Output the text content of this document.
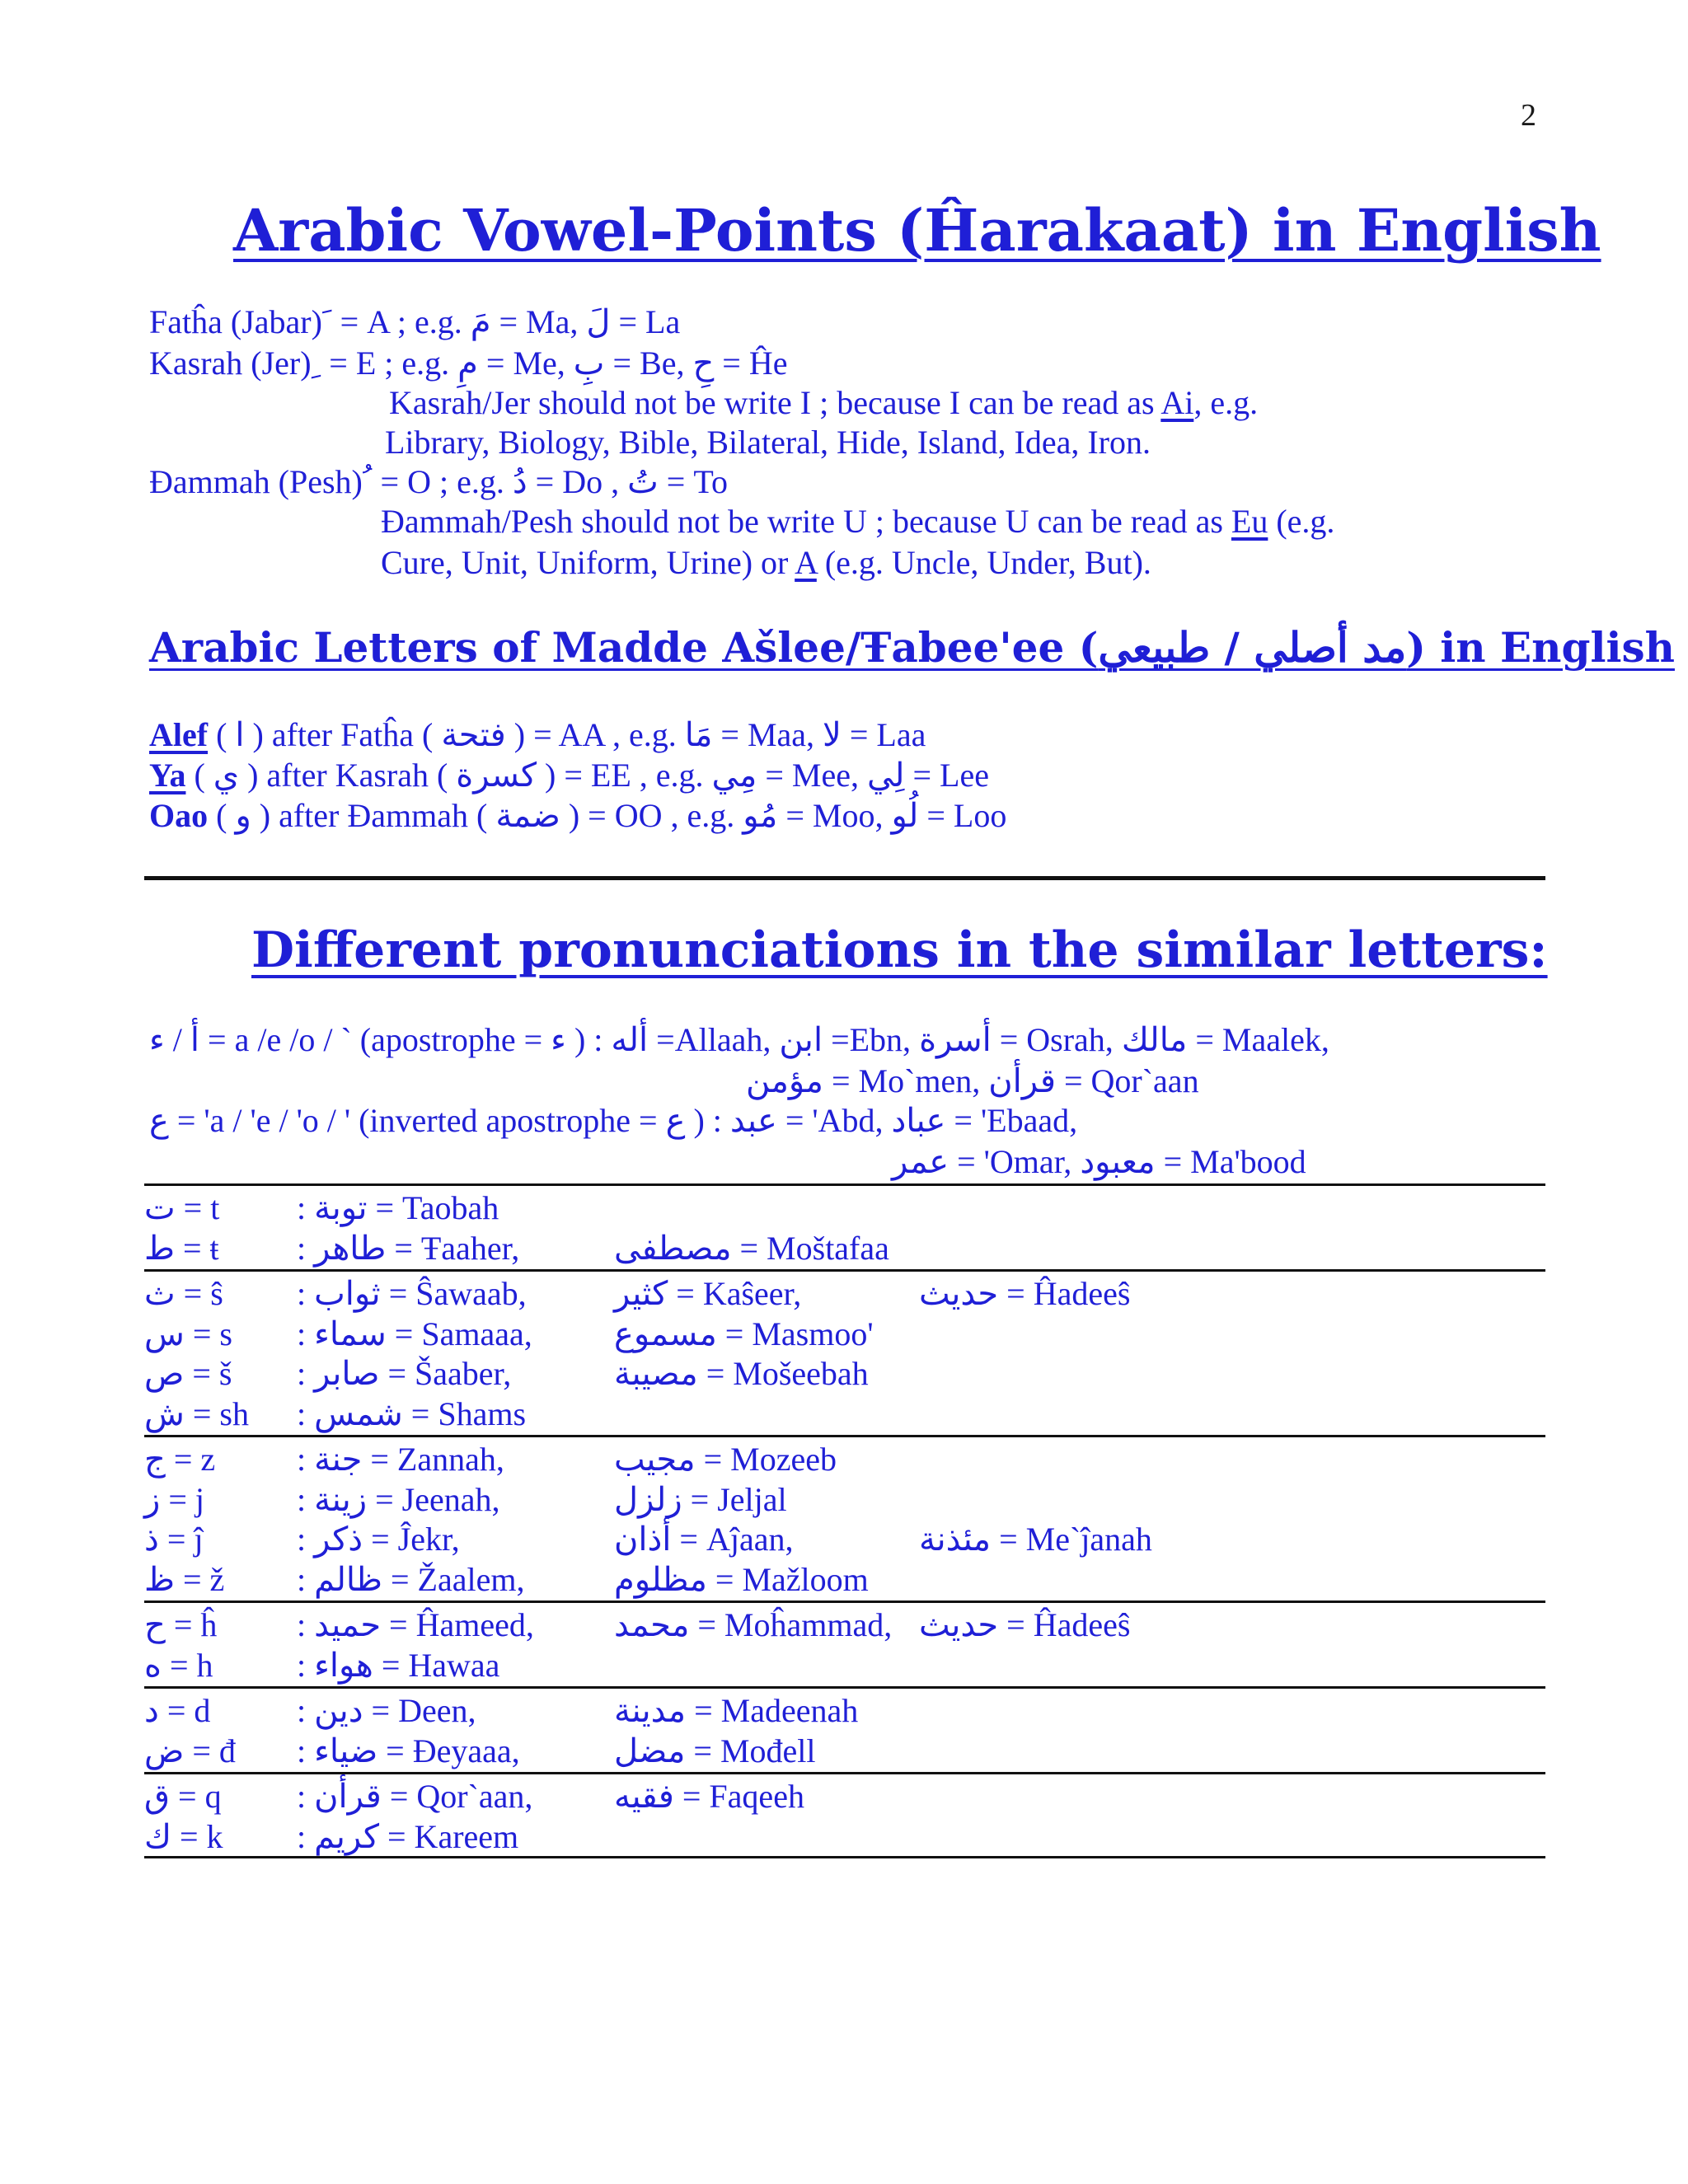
2
Arabic Vowel-Points (Ĥarakaat) in English
Fatĥa (Jabar) َ = A ; e.g. مَ = Ma, لَ = La
Kasrah (Jer) ِ = E ; e.g. مِ = Me, بِ = Be, حِ = Ĥe
Kasrah/Jer should not be write I ; because I can be read as Ai, e.g.
Library, Biology, Bible, Bilateral, Hide, Island, Idea, Iron.
Đammah (Pesh) ُ = O ; e.g. دُ = Do , تُ = To
Đammah/Pesh should not be write U ; because U can be read as Eu (e.g.
Cure, Unit, Uniform, Urine) or A (e.g. Uncle, Under, But).
Arabic Letters of Madde Ašlee/Ŧabee'ee (مد أصلي / طبيعي) in English
Alef ( ا ) after Fatĥa ( فتحة ) = AA , e.g. مَا = Maa, لا = Laa
Ya ( ي ) after Kasrah ( كسرة ) = EE , e.g. مِي = Mee, لِي = Lee
Oao ( و ) after Đammah ( ضمة ) = OO , e.g. مُو = Moo, لُو = Loo
Different pronunciations in the similar letters:
أ / ء = a /e /o / ` (apostrophe = ء ) : أله =Allaah, ابن =Ebn, أسرة = Osrah, مالك = Maalek,
مؤمن = Mo`men, قرأن = Qor`aan
ع = 'a / 'e / 'o / ' (inverted apostrophe = ع ) : عبد = 'Abd, عباد = 'Ebaad,
عمر = 'Omar, معبود = Ma'bood
ت = t : توبة = Taobah
ط = ŧ : طاهر = Ŧaaher,	مصطفى = Moštafaa
ث = ŝ : ثواب = Ŝawaab,	كثير = Kaŝeer,	حديث = Ĥadeeŝ
س = s : سماء = Samaaa, مسموع = Masmoo'
ص = š : صابر = Šaaber,	مصيبة = Mošeebah
ش = sh : شمس = Shams
ج = z : جنة = Zannah,	مجيب = Mozeeb
ز = j	: زينة = Jeenah,	زلزل = Jeljal
ذ = ĵ	: ذكر = Ĵekr,	أذان = Aĵaan,	مئذنة = Me`ĵanah
ظ = ž : ظالم = Žaalem,	مظلوم = Mažloom
ح = ĥ : حميد = Ĥameed, محمد = Moĥammad, حديث = Ĥadeeŝ
ه = h	: هواء = Hawaa
د = d	: دين = Deen,	مدينة = Madeenah
ض = đ : ضياء = Đeyaaa,	مضل = Mođell
ق = q : قرأن = Qor`aan, فقيه = Faqeeh
ك = k : كريم = Kareem
